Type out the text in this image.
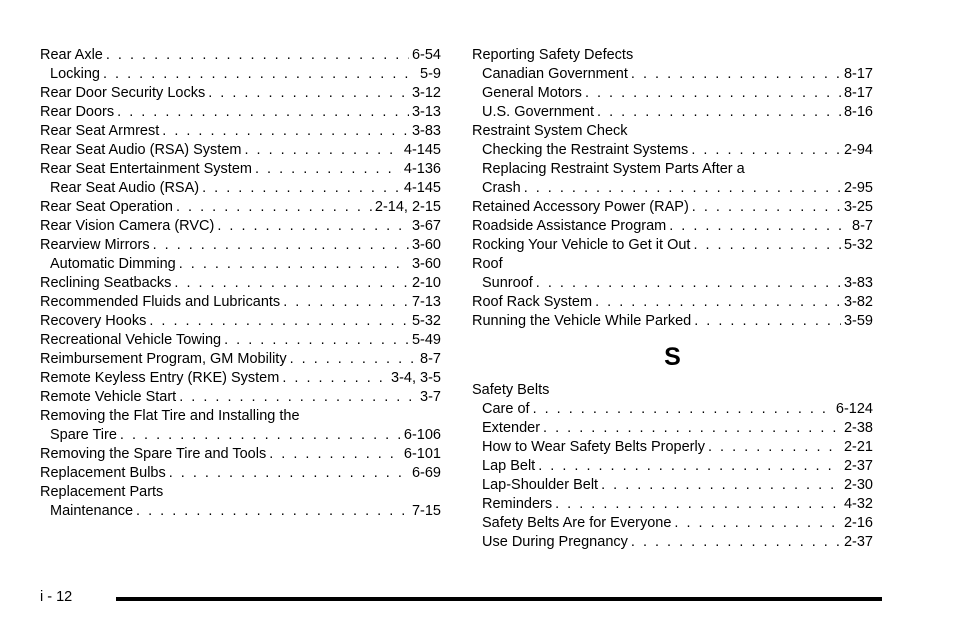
Rear Axle . . .	6-54
Locking . . .	5-9
Rear Door Security Locks . . .	3-12
Rear Doors . . .	3-13
Rear Seat Armrest . . .	3-83
Rear Seat Audio (RSA) System . . .	4-145
Rear Seat Entertainment System . . .	4-136
Rear Seat Audio (RSA) . . .	4-145
Rear Seat Operation . . .	2-14, 2-15
Rear Vision Camera (RVC) . . .	3-67
Rearview Mirrors . . .	3-60
Automatic Dimming . . .	3-60
Reclining Seatbacks . . .	2-10
Recommended Fluids and Lubricants . . .	7-13
Recovery Hooks . . .	5-32
Recreational Vehicle Towing . . .	5-49
Reimbursement Program, GM Mobility . . .	8-7
Remote Keyless Entry (RKE) System . . .	3-4, 3-5
Remote Vehicle Start . . .	3-7
Removing the Flat Tire and Installing the
Spare Tire . . .	6-106
Removing the Spare Tire and Tools . . .	6-101
Replacement Bulbs . . .	6-69
Replacement Parts
Maintenance . . .	7-15
Reporting Safety Defects
Canadian Government . . .	8-17
General Motors . . .	8-17
U.S. Government . . .	8-16
Restraint System Check
Checking the Restraint Systems . . .	2-94
Replacing Restraint System Parts After a
Crash . . .	2-95
Retained Accessory Power (RAP) . . .	3-25
Roadside Assistance Program . . .	8-7
Rocking Your Vehicle to Get it Out . . .	5-32
Roof
Sunroof . . .	3-83
Roof Rack System . . .	3-82
Running the Vehicle While Parked . . .	3-59
S
Safety Belts
Care of . . .	6-124
Extender . . .	2-38
How to Wear Safety Belts Properly . . .	2-21
Lap Belt . . .	2-37
Lap-Shoulder Belt . . .	2-30
Reminders . . .	4-32
Safety Belts Are for Everyone . . .	2-16
Use During Pregnancy . . .	2-37
i - 12
